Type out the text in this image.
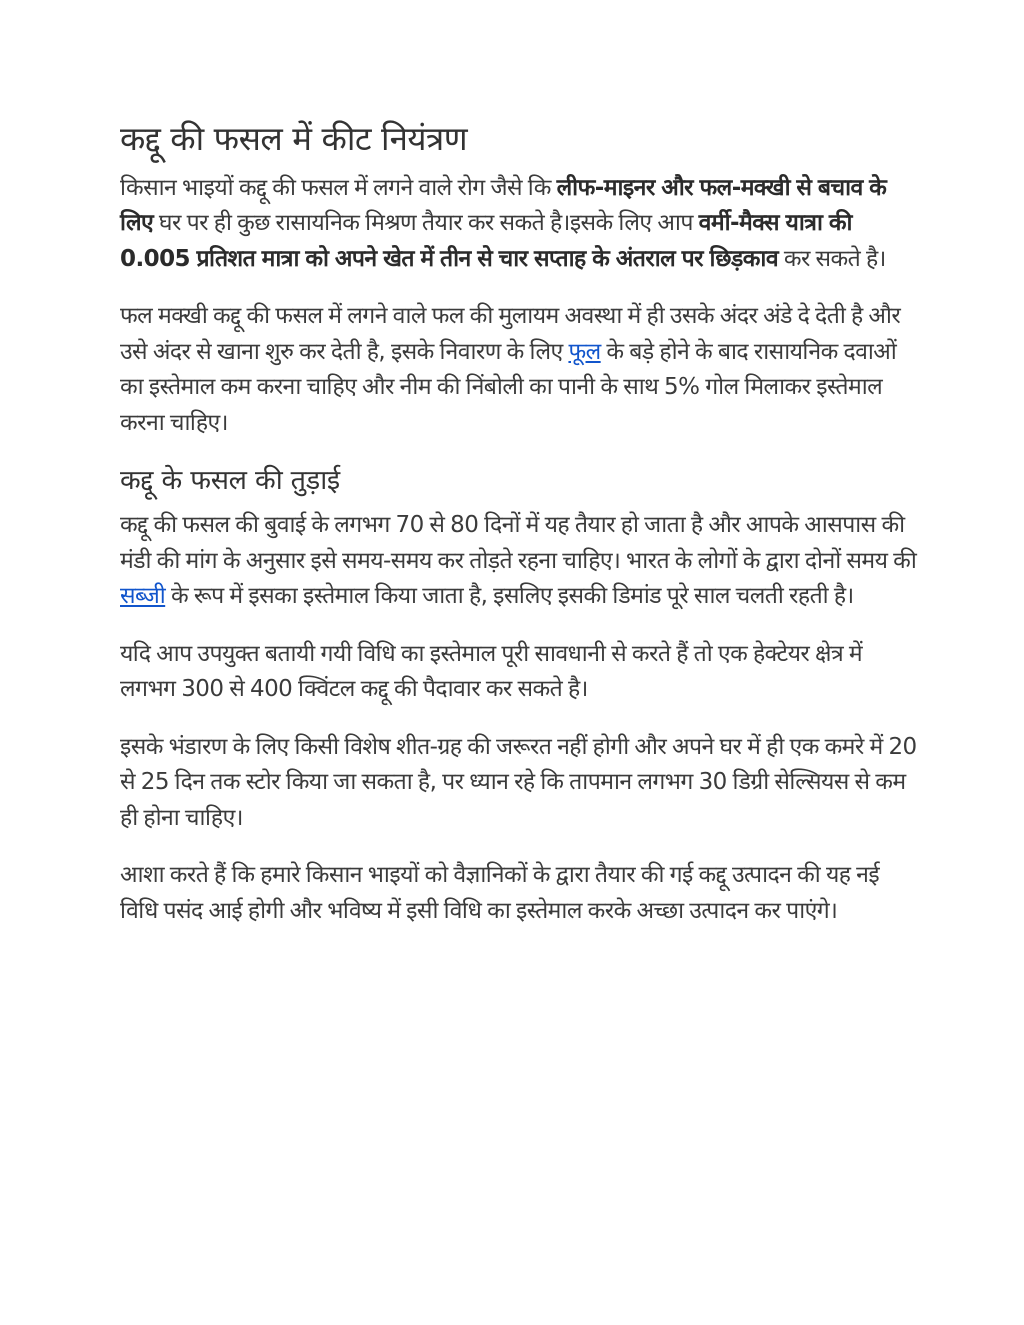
कद्दू की फसल में कीट नियंत्रण

किसान भाइयों कद्दू की फसल में लगने वाले रोग जैसे कि लीफ-माइनर और फल-मक्खी से बचाव के लिए घर पर ही कुछ रासायनिक मिश्रण तैयार कर सकते है।इसके लिए आप वर्मी-मैक्स यात्रा की 0.005 प्रतिशत मात्रा को अपने खेत में तीन से चार सप्ताह के अंतराल पर छिड़काव कर सकते है।

फल मक्खी कद्दू की फसल में लगने वाले फल की मुलायम अवस्था में ही उसके अंदर अंडे दे देती है और उसे अंदर से खाना शुरु कर देती है, इसके निवारण के लिए फूल के बड़े होने के बाद रासायनिक दवाओं का इस्तेमाल कम करना चाहिए और नीम की निंबोली का पानी के साथ 5% गोल मिलाकर इस्तेमाल करना चाहिए।

कद्दू के फसल की तुड़ाई

कद्दू की फसल की बुवाई के लगभग 70 से 80 दिनों में यह तैयार हो जाता है और आपके आसपास की मंडी की मांग के अनुसार इसे समय-समय कर तोड़ते रहना चाहिए। भारत के लोगों के द्वारा दोनों समय की सब्जी के रूप में इसका इस्तेमाल किया जाता है, इसलिए इसकी डिमांड पूरे साल चलती रहती है।

यदि आप उपयुक्त बतायी गयी विधि का इस्तेमाल पूरी सावधानी से करते हैं तो एक हेक्टेयर क्षेत्र में लगभग 300 से 400 क्विंटल कद्दू की पैदावार कर सकते है।

इसके भंडारण के लिए किसी विशेष शीत-ग्रह की जरूरत नहीं होगी और अपने घर में ही एक कमरे में 20 से 25 दिन तक स्टोर किया जा सकता है, पर ध्यान रहे कि तापमान लगभग 30 डिग्री सेल्सियस से कम ही होना चाहिए।

आशा करते हैं कि हमारे किसान भाइयों को वैज्ञानिकों के द्वारा तैयार की गई कद्दू उत्पादन की यह नई विधि पसंद आई होगी और भविष्य में इसी विधि का इस्तेमाल करके अच्छा उत्पादन कर पाएंगे।
